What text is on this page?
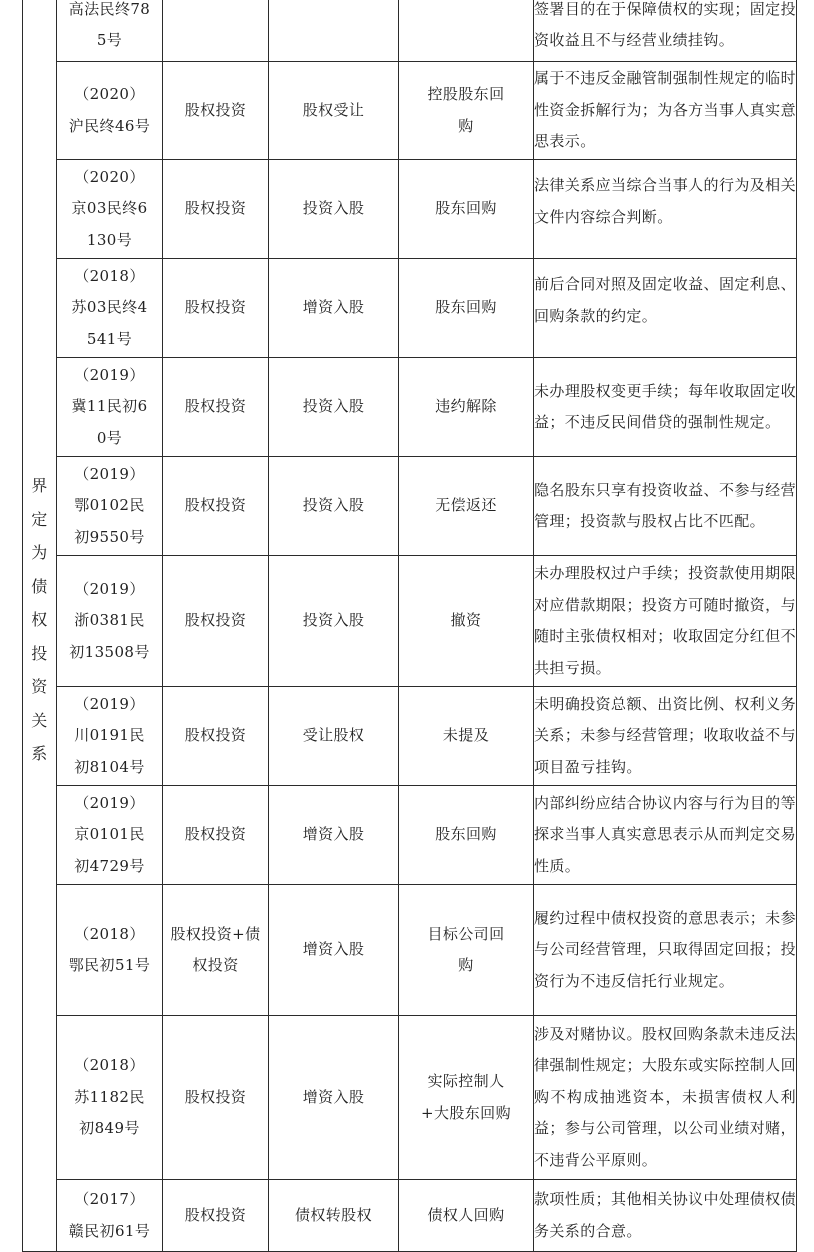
界定为债权投资关系	高法民终785号				签署目的在于保障债权的实现；固定投资收益且不与经营业绩挂钩。

	（2020）沪民终46号	股权投资	股权受让	控股股东回购	属于不违反金融管制强制性规定的临时性资金拆解行为；为各方当事人真实意思表示。

	（2020）京03民终6130号	股权投资	投资入股	股东回购	法律关系应当综合当事人的行为及相关文件内容综合判断。

	（2018）苏03民终4541号	股权投资	增资入股	股东回购	前后合同对照及固定收益、固定利息、回购条款的约定。

	（2019）冀11民初60号	股权投资	投资入股	违约解除	未办理股权变更手续；每年收取固定收益；不违反民间借贷的强制性规定。

	（2019）鄂0102民初9550号	股权投资	投资入股	无偿返还	隐名股东只享有投资收益、不参与经营管理；投资款与股权占比不匹配。

	（2019）浙0381民初13508号	股权投资	投资入股	撤资	未办理股权过户手续；投资款使用期限对应借款期限；投资方可随时撤资，与随时主张债权相对；收取固定分红但不共担亏损。

	（2019）川0191民初8104号	股权投资	受让股权	未提及	未明确投资总额、出资比例、权利义务关系；未参与经营管理；收取收益不与项目盈亏挂钩。

	（2019）京0101民初4729号	股权投资	增资入股	股东回购	内部纠纷应结合协议内容与行为目的等探求当事人真实意思表示从而判定交易性质。

	（2018）鄂民初51号	股权投资+债权投资	增资入股	目标公司回购	履约过程中债权投资的意思表示；未参与公司经营管理，只取得固定回报；投资行为不违反信托行业规定。

	（2018）苏1182民初849号	股权投资	增资入股	实际控制人+大股东回购	涉及对赌协议。股权回购条款未违反法律强制性规定；大股东或实际控制人回购不构成抽逃资本，未损害债权人利益；参与公司管理，以公司业绩对赌，不违背公平原则。

	（2017）赣民初61号	股权投资	债权转股权	债权人回购	款项性质；其他相关协议中处理债权债务关系的合意。
